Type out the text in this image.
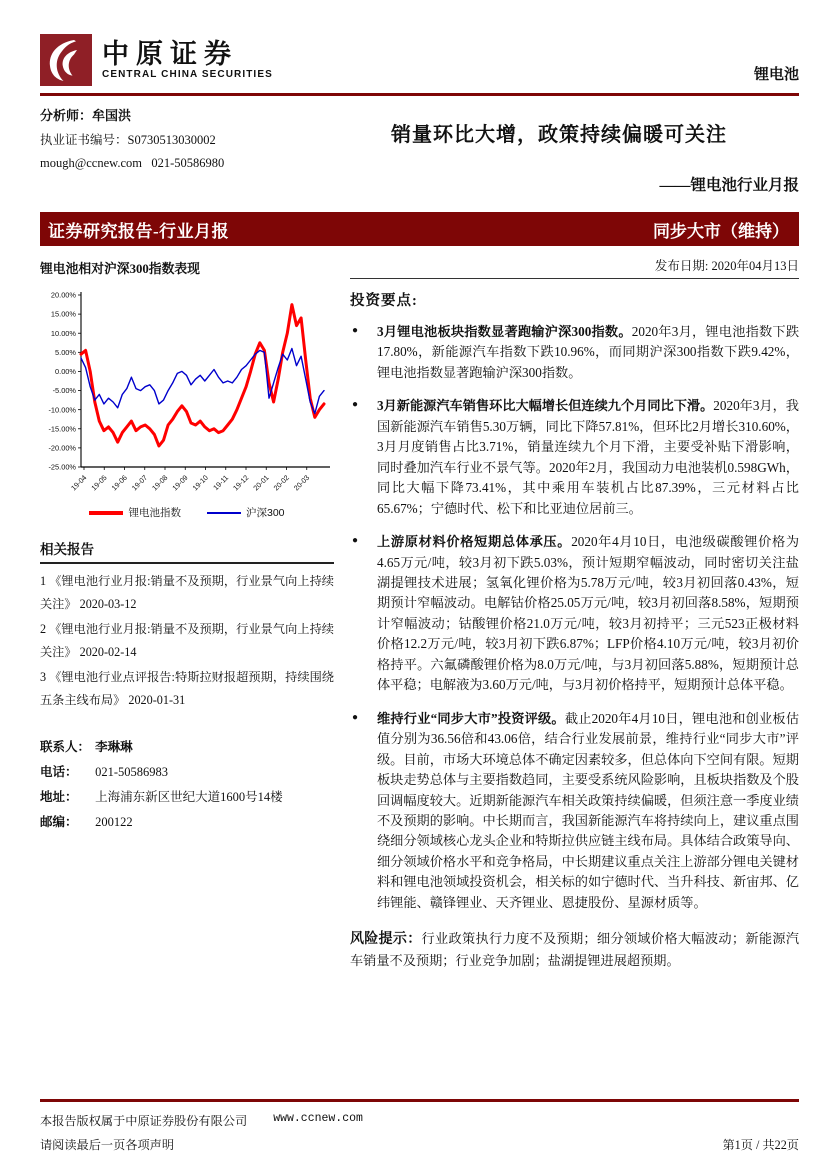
中原证券
CENTRAL CHINA SECURITIES	锂电池
分析师：牟国洪
执业证书编号：S0730513030002
mough@ccnew.com 021-50586980
销量环比大增，政策持续偏暖可关注
——锂电池行业月报
证券研究报告-行业月报	同步大市（维持）
锂电池相对沪深300指数表现
20.00%
15.00%
10.00%
5.00%
0.00%
-5.00%
-10.00%
-15.00%
-20.00%
-25.00%
19-04 19-05 19-06 19-07 19-08 19-09 19-10 19-11 19-12 20-01 20-02 20-03
锂电池指数	沪深300
相关报告
1 《锂电池行业月报:销量不及预期，行业景气向上持续关注》 2020-03-12
2 《锂电池行业月报:销量不及预期，行业景气向上持续关注》 2020-02-14
3 《锂电池行业点评报告:特斯拉财报超预期，持续围绕五条主线布局》 2020-01-31
联系人： 李琳琳
电话： 021-50586983
地址： 上海浦东新区世纪大道1600号14楼
邮编： 200122
发布日期: 2020年04月13日
投资要点:
● 3月锂电池板块指数显著跑输沪深300指数。2020年3月，锂电池指数下跌17.80%，新能源汽车指数下跌10.96%，而同期沪深300指数下跌9.42%，锂电池指数显著跑输沪深300指数。
● 3月新能源汽车销售环比大幅增长但连续九个月同比下滑。2020年3月，我国新能源汽车销售5.30万辆，同比下降57.81%，但环比2月增长310.60%，3月月度销售占比3.71%，销量连续九个月下滑，主要受补贴下滑影响，同时叠加汽车行业不景气等。2020年2月，我国动力电池装机0.598GWh，同比大幅下降73.41%，其中乘用车装机占比87.39%，三元材料占比65.67%；宁德时代、松下和比亚迪位居前三。
● 上游原材料价格短期总体承压。2020年4月10日，电池级碳酸锂价格为4.65万元/吨，较3月初下跌5.03%，预计短期窄幅波动，同时密切关注盐湖提锂技术进展；氢氧化锂价格为5.78万元/吨，较3月初回落0.43%，短期预计窄幅波动。电解钴价格25.05万元/吨，较3月初回落8.58%，短期预计窄幅波动；钴酸锂价格21.0万元/吨，较3月初持平；三元523正极材料价格12.2万元/吨，较3月初下跌6.87%；LFP价格4.10万元/吨，较3月初价格持平。六氟磷酸锂价格为8.0万元/吨，与3月初回落5.88%，短期预计总体平稳；电解液为3.60万元/吨，与3月初价格持平，短期预计总体平稳。
● 维持行业“同步大市”投资评级。截止2020年4月10日，锂电池和创业板估值分别为36.56倍和43.06倍，结合行业发展前景，维持行业“同步大市”评级。目前，市场大环境总体不确定因素较多，但总体向下空间有限。短期板块走势总体与主要指数趋同，主要受系统风险影响，且板块指数及个股回调幅度较大。近期新能源汽车相关政策持续偏暖，但须注意一季度业绩不及预期的影响。中长期而言，我国新能源汽车将持续向上，建议重点围绕细分领域核心龙头企业和特斯拉供应链主线布局。具体结合政策导向、细分领域价格水平和竞争格局，中长期建议重点关注上游部分锂电关键材料和锂电池领域投资机会，相关标的如宁德时代、当升科技、新宙邦、亿纬锂能、赣锋锂业、天齐锂业、恩捷股份、星源材质等。
风险提示：行业政策执行力度不及预期；细分领域价格大幅波动；新能源汽车销量不及预期；行业竞争加剧；盐湖提锂进展超预期。
本报告版权属于中原证券股份有限公司 www.ccnew.com
请阅读最后一页各项声明	第1页 / 共22页
